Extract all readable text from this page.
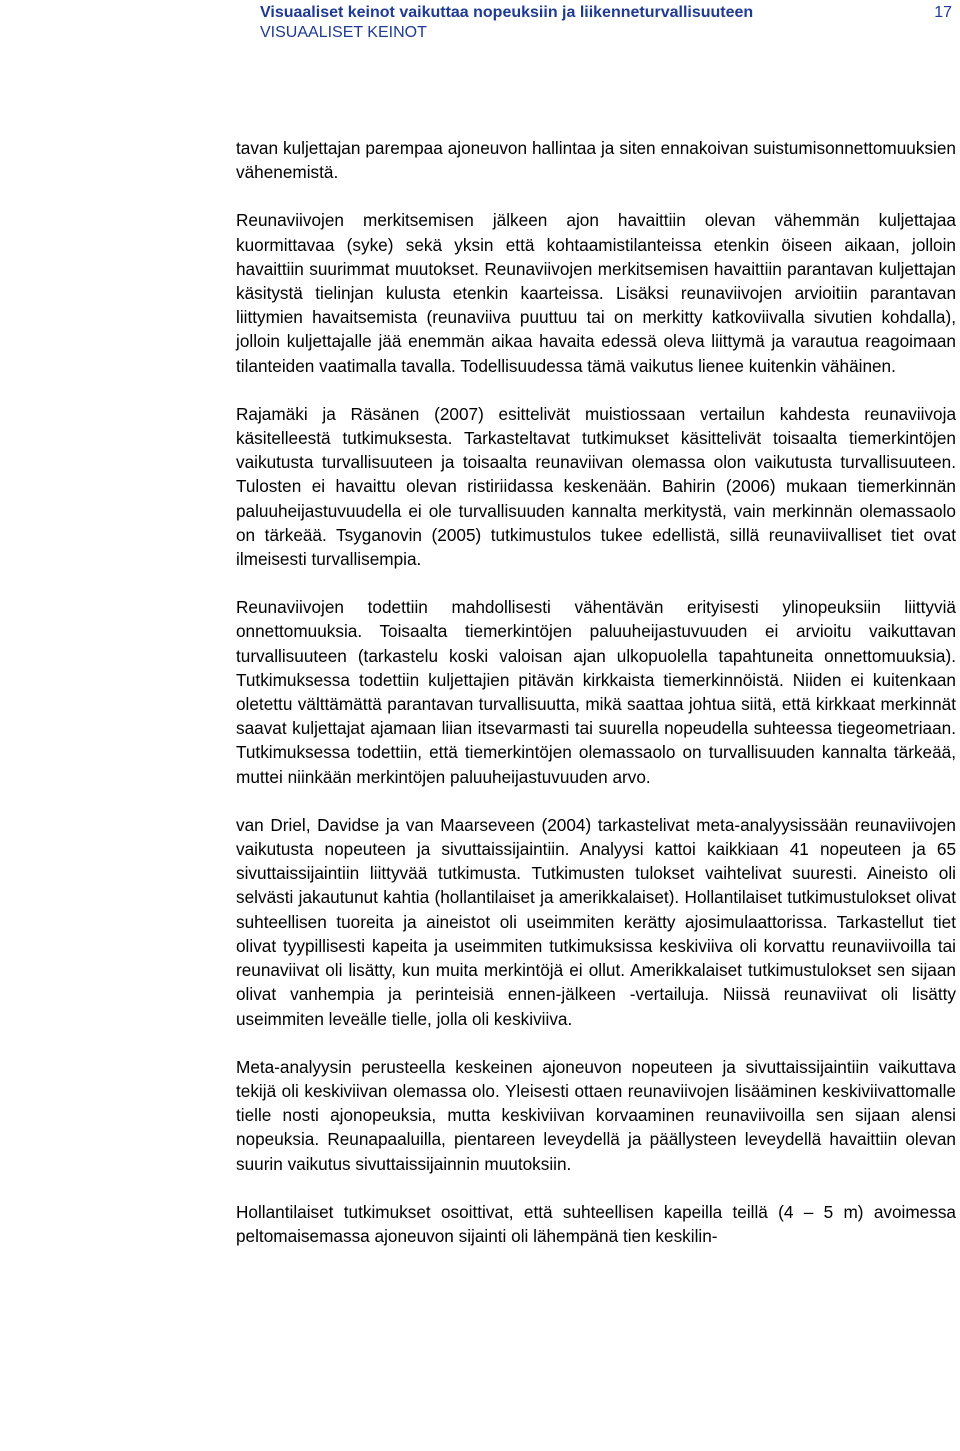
Visuaaliset keinot vaikuttaa nopeuksiin ja liikenneturvallisuuteen
VISUAALISET KEINOT
17

tavan kuljettajan parempaa ajoneuvon hallintaa ja siten ennakoivan suistumisonnettomuuksien vähenemistä.

Reunaviivojen merkitsemisen jälkeen ajon havaittiin olevan vähemmän kuljettajaa kuormittavaa (syke) sekä yksin että kohtaamistilanteissa etenkin öiseen aikaan, jolloin havaittiin suurimmat muutokset. Reunaviivojen merkitsemisen havaittiin parantavan kuljettajan käsitystä tielinjan kulusta etenkin kaarteissa. Lisäksi reunaviivojen arvioitiin parantavan liittymien havaitsemista (reunaviiva puuttuu tai on merkitty katkoviivalla sivutien kohdalla), jolloin kuljettajalle jää enemmän aikaa havaita edessä oleva liittymä ja varautua reagoimaan tilanteiden vaatimalla tavalla. Todellisuudessa tämä vaikutus lienee kuitenkin vähäinen.

Rajamäki ja Räsänen (2007) esittelivät muistiossaan vertailun kahdesta reunaviivoja käsitelleestä tutkimuksesta. Tarkasteltavat tutkimukset käsittelivät toisaalta tiemerkintöjen vaikutusta turvallisuuteen ja toisaalta reunaviivan olemassa olon vaikutusta turvallisuuteen. Tulosten ei havaittu olevan ristiriidassa keskenään. Bahirin (2006) mukaan tiemerkinnän paluuheijastuvuudella ei ole turvallisuuden kannalta merkitystä, vain merkinnän olemassaolo on tärkeää. Tsyganovin (2005) tutkimustulos tukee edellistä, sillä reunaviivalliset tiet ovat ilmeisesti turvallisempia.

Reunaviivojen todettiin mahdollisesti vähentävän erityisesti ylinopeuksiin liittyviä onnettomuuksia. Toisaalta tiemerkintöjen paluuheijastuvuuden ei arvioitu vaikuttavan turvallisuuteen (tarkastelu koski valoisan ajan ulkopuolella tapahtuneita onnettomuuksia). Tutkimuksessa todettiin kuljettajien pitävän kirkkaista tiemerkinnöistä. Niiden ei kuitenkaan oletettu välttämättä parantavan turvallisuutta, mikä saattaa johtua siitä, että kirkkaat merkinnät saavat kuljettajat ajamaan liian itsevarmasti tai suurella nopeudella suhteessa tiegeometriaan. Tutkimuksessa todettiin, että tiemerkintöjen olemassaolo on turvallisuuden kannalta tärkeää, muttei niinkään merkintöjen paluuheijastuvuuden arvo.

van Driel, Davidse ja van Maarseveen (2004) tarkastelivat meta-analyysissään reunaviivojen vaikutusta nopeuteen ja sivuttaissijaintiin. Analyysi kattoi kaikkiaan 41 nopeuteen ja 65 sivuttaissijaintiin liittyvää tutkimusta. Tutkimusten tulokset vaihtelivat suuresti. Aineisto oli selvästi jakautunut kahtia (hollantilaiset ja amerikkalaiset). Hollantilaiset tutkimustulokset olivat suhteellisen tuoreita ja aineistot oli useimmiten kerätty ajosimulaattorissa. Tarkastellut tiet olivat tyypillisesti kapeita ja useimmiten tutkimuksissa keskiviiva oli korvattu reunaviivoilla tai reunaviivat oli lisätty, kun muita merkintöjä ei ollut. Amerikkalaiset tutkimustulokset sen sijaan olivat vanhempia ja perinteisiä ennen-jälkeen -vertailuja. Niissä reunaviivat oli lisätty useimmiten leveälle tielle, jolla oli keskiviiva.

Meta-analyysin perusteella keskeinen ajoneuvon nopeuteen ja sivuttaissijaintiin vaikuttava tekijä oli keskiviivan olemassa olo. Yleisesti ottaen reunaviivojen lisääminen keskiviivattomalle tielle nosti ajonopeuksia, mutta keskiviivan korvaaminen reunaviivoilla sen sijaan alensi nopeuksia. Reunapaaluilla, pientareen leveydellä ja päällysteen leveydellä havaittiin olevan suurin vaikutus sivuttaissijainnin muutoksiin.

Hollantilaiset tutkimukset osoittivat, että suhteellisen kapeilla teillä (4 – 5 m) avoimessa peltomaisemassa ajoneuvon sijainti oli lähempänä tien keskilin-
